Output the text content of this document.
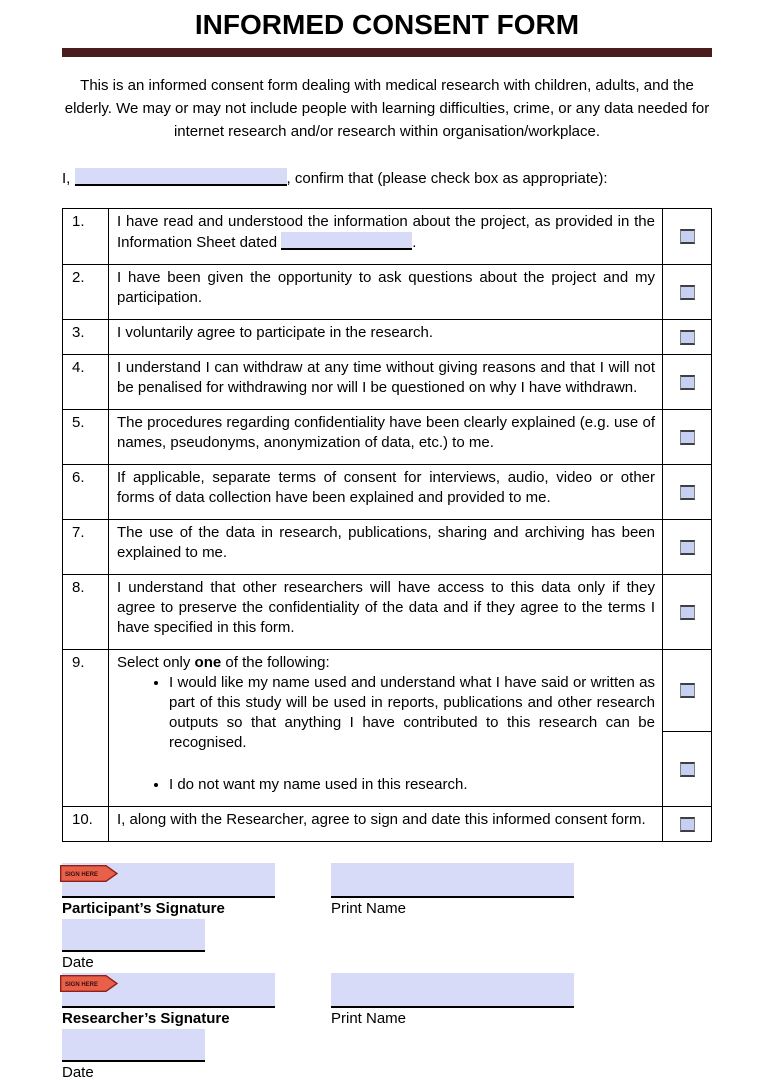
INFORMED CONSENT FORM

This is an informed consent form dealing with medical research with children, adults, and the elderly. We may or may not include people with learning difficulties, crime, or any data needed for internet research and/or research within organisation/workplace.

I,	, confirm that (please check box as appropriate):

1.	I have read and understood the information about the project, as provided in the Information Sheet dated	.
2.	I have been given the opportunity to ask questions about the project and my participation.
3.	I voluntarily agree to participate in the research.
4.	I understand I can withdraw at any time without giving reasons and that I will not be penalised for withdrawing nor will I be questioned on why I have withdrawn.
5.	The procedures regarding confidentiality have been clearly explained (e.g. use of names, pseudonyms, anonymization of data, etc.) to me.
6.	If applicable, separate terms of consent for interviews, audio, video or other forms of data collection have been explained and provided to me.
7.	The use of the data in research, publications, sharing and archiving has been explained to me.
8.	I understand that other researchers will have access to this data only if they agree to preserve the confidentiality of the data and if they agree to the terms I have specified in this form.
9.	Select only one of the following:
• I would like my name used and understand what I have said or written as part of this study will be used in reports, publications and other research outputs so that anything I have contributed to this research can be recognised.
• I do not want my name used in this research.
10.	I, along with the Researcher, agree to sign and date this informed consent form.
SIGN HERE
Participant’s Signature
Date
Print Name
SIGN HERE
Researcher’s Signature
Date
Print Name
